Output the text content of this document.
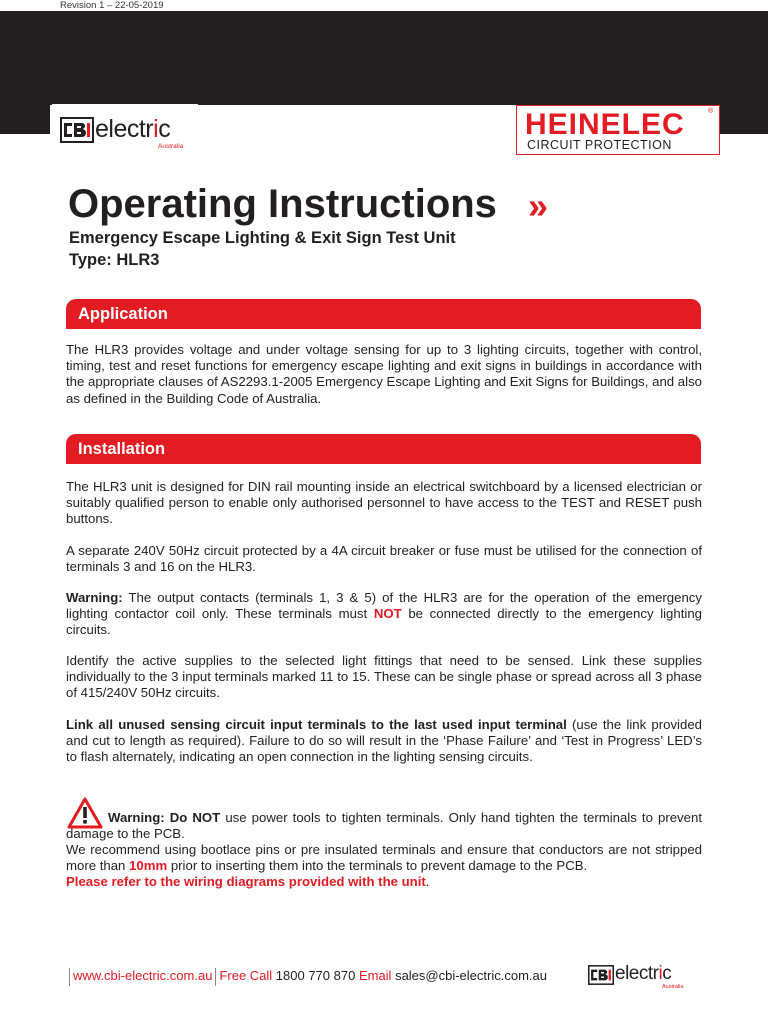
Revision 1 – 22-05-2019
electric
Australia
HEINELEC	®
CIRCUIT PROTECTION
Operating Instructions »
Emergency Escape Lighting & Exit Sign Test Unit
Type: HLR3
Application
The HLR3 provides voltage and under voltage sensing for up to 3 lighting circuits, together with control, timing, test and reset functions for emergency escape lighting and exit signs in buildings in accordance with the appropriate clauses of AS2293.1-2005 Emergency Escape Lighting and Exit Signs for Buildings, and also as defined in the Building Code of Australia.
Installation
The HLR3 unit is designed for DIN rail mounting inside an electrical switchboard by a licensed electrician or suitably qualified person to enable only authorised personnel to have access to the TEST and RESET push buttons.
A separate 240V 50Hz circuit protected by a 4A circuit breaker or fuse must be utilised for the connection of terminals 3 and 16 on the HLR3.
Warning: The output contacts (terminals 1, 3 & 5) of the HLR3 are for the operation of the emergency lighting contactor coil only. These terminals must NOT be connected directly to the emergency lighting circuits.
Identify the active supplies to the selected light fittings that need to be sensed. Link these supplies individually to the 3 input terminals marked 11 to 15. These can be single phase or spread across all 3 phase of 415/240V 50Hz circuits.
Link all unused sensing circuit input terminals to the last used input terminal (use the link provided and cut to length as required). Failure to do so will result in the ‘Phase Failure’ and ‘Test in Progress’ LED’s to flash alternately, indicating an open connection in the lighting sensing circuits.
Warning: Do NOT use power tools to tighten terminals. Only hand tighten the terminals to prevent damage to the PCB.
We recommend using bootlace pins or pre insulated terminals and ensure that conductors are not stripped more than 10mm prior to inserting them into the terminals to prevent damage to the PCB.
Please refer to the wiring diagrams provided with the unit.
www.cbi-electric.com.au Free Call 1800 770 870 Email sales@cbi-electric.com.au	electric
Australia
